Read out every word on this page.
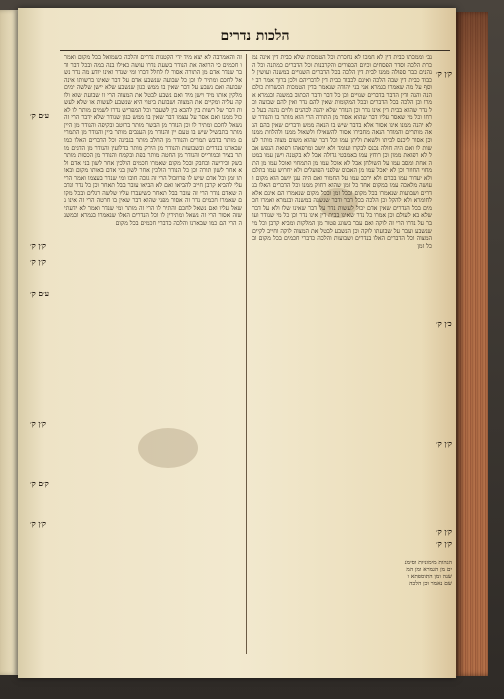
הלכות נדרים
נב׳ וממכתו כבית דין לא חמכו לא נחכרת וכל הטמכות שלא כבית דין אינה נמכרת הלכה וסדר הפסחים וכיום הכפורים והקרבנות וכל הדברים כמתנה וכל הנהנים כבר ספולה ממנו לבית דין הלכה בכל הדברים השנויים במשנה ועושין לכבוד כבית דין שבה הלכה ואינם לכבוד כבית דין לדבריהם ולכן ברוך אמר רב יוסף על מה שאמרו בגמרא אני בני יהודה שנאמר בדין הטמכות הכשרות כולם הנה והנה ודין הדבר בדברים שנויים וכן כל דבר ודבר הכתוב במשנה ובגמרא אמרו וכן הלכה בכל הדברים ובכל המקומות שאין להם נדר ואין להם שבועה וכל נדר שהוא בבית דין אינו נדר וכן הנודר שלא יהנה לכהנים ולוים נהנה בעל כרחו וכל מי שאסר עליו דבר שהוא אסור מן התורה הרי הוא מותר בו והנודר שלא יהנה ממנו אינו אסור אלא בדבר שיש בו הנאה ממש ודברים שאין בהם הנאה מותרים והמודר הנאה מחבירו אסור להשאילו ולשאול ממנו ולהלוות ממנו וכן אסור ליכנס לביתו ולשאת וליתן עמו וכל דבר שהוא משום מצוה מותר לעשות לו ואם היה חולה נכנס לבקרו ועומד ולא יושב ומרפאהו רפואת הנפש אבל לא רפואת ממון וכן רוחץ עמו באמבטי גדולה אבל לא בקטנה וישן עמו במטה אחת ומסב עמו על השולחן אבל לא אוכל עמו מן התמחוי ואוכל עמו מן התמחוי החוזר וכן לא יאכל עמו מן האבוס שלפני הפועלים ולא יחרוש עמו בתלם ולא יעדור עמו בכרם ולא ירכב עמו על החמור ואם היה ענן יושב הוא מקום ועושה מלאכה עמו במקום אחד כל זמן שהוא רחוק ממנו וכל הדברים האלו בנדרים ושבועות שנאמרו בכל מקום ובכל זמן ובכל מקום שנאמרו הם אינם אלא לחומרא ולא להקל וכן הלכה בכל דבר ודבר שנשנה במשנה ובגמרא ואמרו חכמים בכל הנדרים שאין אדם יכול לעשות נדר על דבר שאינו שלו ולא על דבר שלא בא לעולם וכן אמרו כל נדר שאינו בבית דין אינו נדר וכן כל מי שנודר ועובר על נדרו הרי זה לוקה ואם עבר בשוגג פטור מן המלקות ומביא קרבן וכל מי שנשבע ועבר על שבועתו לוקה וכן הנשבע לבטל את המצוה לוקה וחייב לקיים המצוה וכל הדברים האלו בנדרים ושבועות והלכה כדברי חכמים בכל מקום ובכל זמן
זה והאמרבה לא יצא מיד ידי הקטנות נדרים והלכה כשמואל בכל מקום ואמרו חכמים כי הרואה את הנודר בשעת נדרו עושה כאילו בנה במה ובכל דבר ודבר שנדר אדם מן התורה אסור לו לחלל דברו ומי שנדר ואינו יודע מה נדר נשאל לחכם ומתיר לו וכן כל שבועה שנשבע אדם על דבר שאינו ברשותו אינה שבועה ואם נשבע על דבר שאין בו ממש כגון שנשבע שלא יישן שלשה ימים מלקין אותו מיד וישן מיד ואם נשבע לבטל את המצוה הרי זו שבועת שוא ולוקה עליה ומקיים את המצוה ושבועת ביטוי היא שנשבע לעשות או שלא לעשות דבר של רשות בין להבא בין לשעבר וכל המפריש נדרו לשמים מותר לו לאכול ממנו ואם אסר על עצמו דבר שאין בו ממש כגון שנודר שלא ידבר הרי זה נשאל לחכם ומתיר לו וכן הנודר מן הבשר מותר ברוטב ובקיפה והנודר מן היין מותר בתבשיל שיש בו טעם יין והנודר מן הענבים מותר ביין והנודר מן התמרים מותר בדבש תמרים והנודר מן החלב מותר בגבינה וכל הדברים האלו כמו שבארנו בנדרים ובשבועות והנודר מן הירק מותר בדלועין והנודר מן הדגים מותר בציר ובמורייס והנודר מן החטה מותר בפת ובקמח והנודר מן הכסות מותר בשק וביריעה ובחבק ובכל מקום שאמרו חכמים הולכין אחר לשון בני אדם ולא אחר לשון תורה וכן כל הנודר הולכין אחר לשון בני אדם באותו מקום ובאותו זמן וכל אדם שיש לו פרוזבול הרי זה גובה חובו ומי שנדר בעצמו ואמר הרי עלי להביא קרבן חייב להביאו ואם לא הביאו עובר בבל תאחר וכן כל נדר ונדבה שאדם נודר הרי זה עובר בבל תאחר כשיעברו עליו שלשה רגלים ובכל מקום שאמרו חכמים נדר זה אסור מפני שהוא דבר שאין בו חרטה הרי זה אינו נשאל עליו ואם נשאל לחכם והתיר לו הרי זה מותר ומי שנדר ואמר לא ידעתי שזה אסור הרי זה נשאל ומתירין לו וכל הנדרים האלו שנאמרו בגמרא ובמשנה הרי הם כמו שבארנו והלכה כדברי חכמים בכל מקום
ק׳ן ק׳
כ׳ן ק׳
ק׳ן ק׳
ק׳ן ק׳
ק׳ן ק׳
ע׳ם ק׳
ק׳ן ק׳
ק׳ן ק׳
ע׳ם ק׳
ק׳ן ק׳
ק׳ם ק׳
ק׳ן ק׳
הגהות מימוניות וסימנים מן הגמרא ומן המשנה ומן התוספתא ושם נאמר וכן הלכה
